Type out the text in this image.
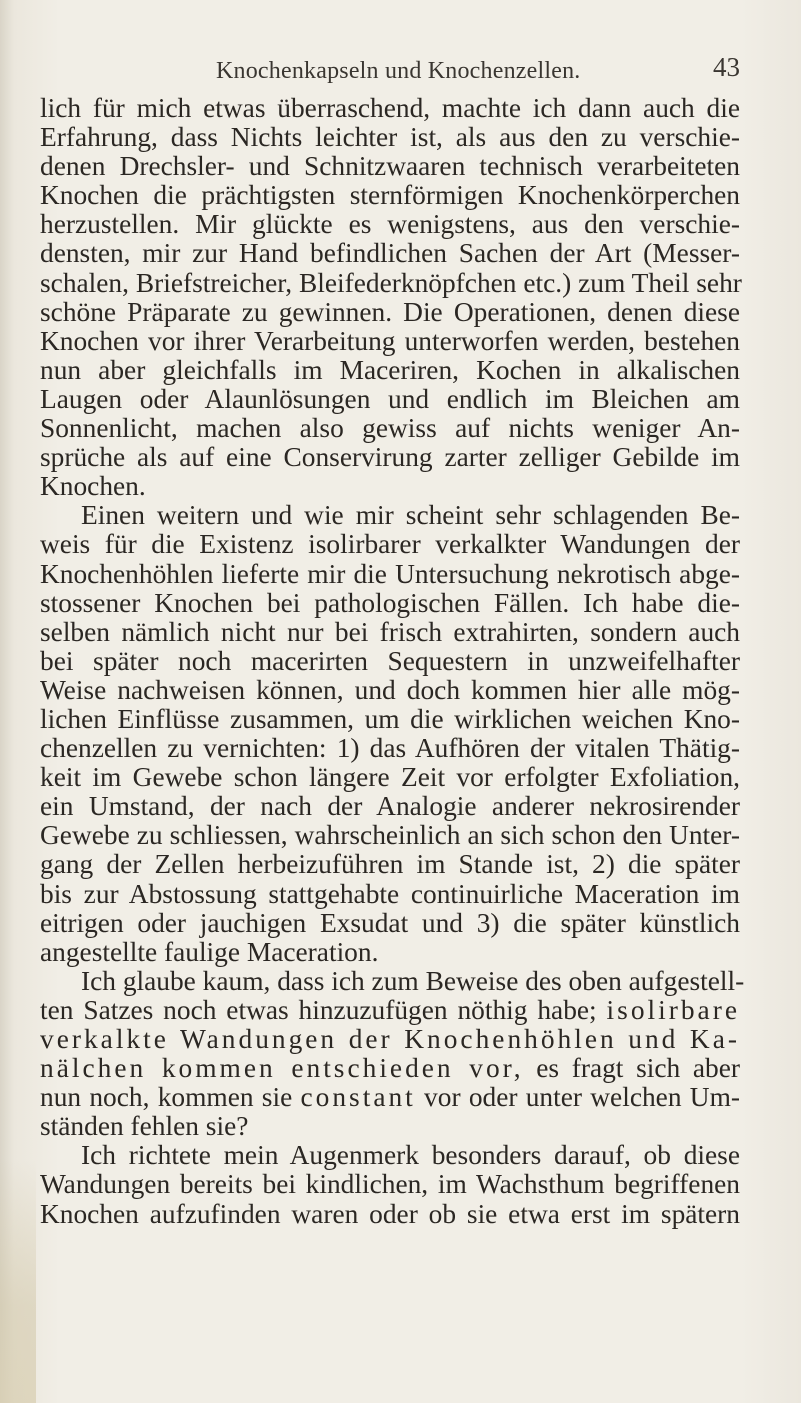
Knochenkapseln und Knochenzellen.	43
lich für mich etwas überraschend, machte ich dann auch die
Erfahrung, dass Nichts leichter ist, als aus den zu verschie-
denen Drechsler- und Schnitzwaaren technisch verarbeiteten
Knochen die prächtigsten sternförmigen Knochenkörperchen
herzustellen. Mir glückte es wenigstens, aus den verschie-
densten, mir zur Hand befindlichen Sachen der Art (Messer-
schalen, Briefstreicher, Bleifederknöpfchen etc.) zum Theil sehr
schöne Präparate zu gewinnen. Die Operationen, denen diese
Knochen vor ihrer Verarbeitung unterworfen werden, bestehen
nun aber gleichfalls im Maceriren, Kochen in alkalischen
Laugen oder Alaunlösungen und endlich im Bleichen am
Sonnenlicht, machen also gewiss auf nichts weniger An-
sprüche als auf eine Conservirung zarter zelliger Gebilde im
Knochen.
Einen weitern und wie mir scheint sehr schlagenden Be-
weis für die Existenz isolirbarer verkalkter Wandungen der
Knochenhöhlen lieferte mir die Untersuchung nekrotisch abge-
stossener Knochen bei pathologischen Fällen. Ich habe die-
selben nämlich nicht nur bei frisch extrahirten, sondern auch
bei später noch macerirten Sequestern in unzweifelhafter
Weise nachweisen können, und doch kommen hier alle mög-
lichen Einflüsse zusammen, um die wirklichen weichen Kno-
chenzellen zu vernichten: 1) das Aufhören der vitalen Thätig-
keit im Gewebe schon längere Zeit vor erfolgter Exfoliation,
ein Umstand, der nach der Analogie anderer nekrosirender
Gewebe zu schliessen, wahrscheinlich an sich schon den Unter-
gang der Zellen herbeizuführen im Stande ist, 2) die später
bis zur Abstossung stattgehabte continuirliche Maceration im
eitrigen oder jauchigen Exsudat und 3) die später künstlich
angestellte faulige Maceration.
Ich glaube kaum, dass ich zum Beweise des oben aufgestell-
ten Satzes noch etwas hinzuzufügen nöthig habe; isolirbare
verkalkte Wandungen der Knochenhöhlen und Ka-
nälchen kommen entschieden vor, es fragt sich aber
nun noch, kommen sie constant vor oder unter welchen Um-
ständen fehlen sie?
Ich richtete mein Augenmerk besonders darauf, ob diese
Wandungen bereits bei kindlichen, im Wachsthum begriffenen
Knochen aufzufinden waren oder ob sie etwa erst im spätern
